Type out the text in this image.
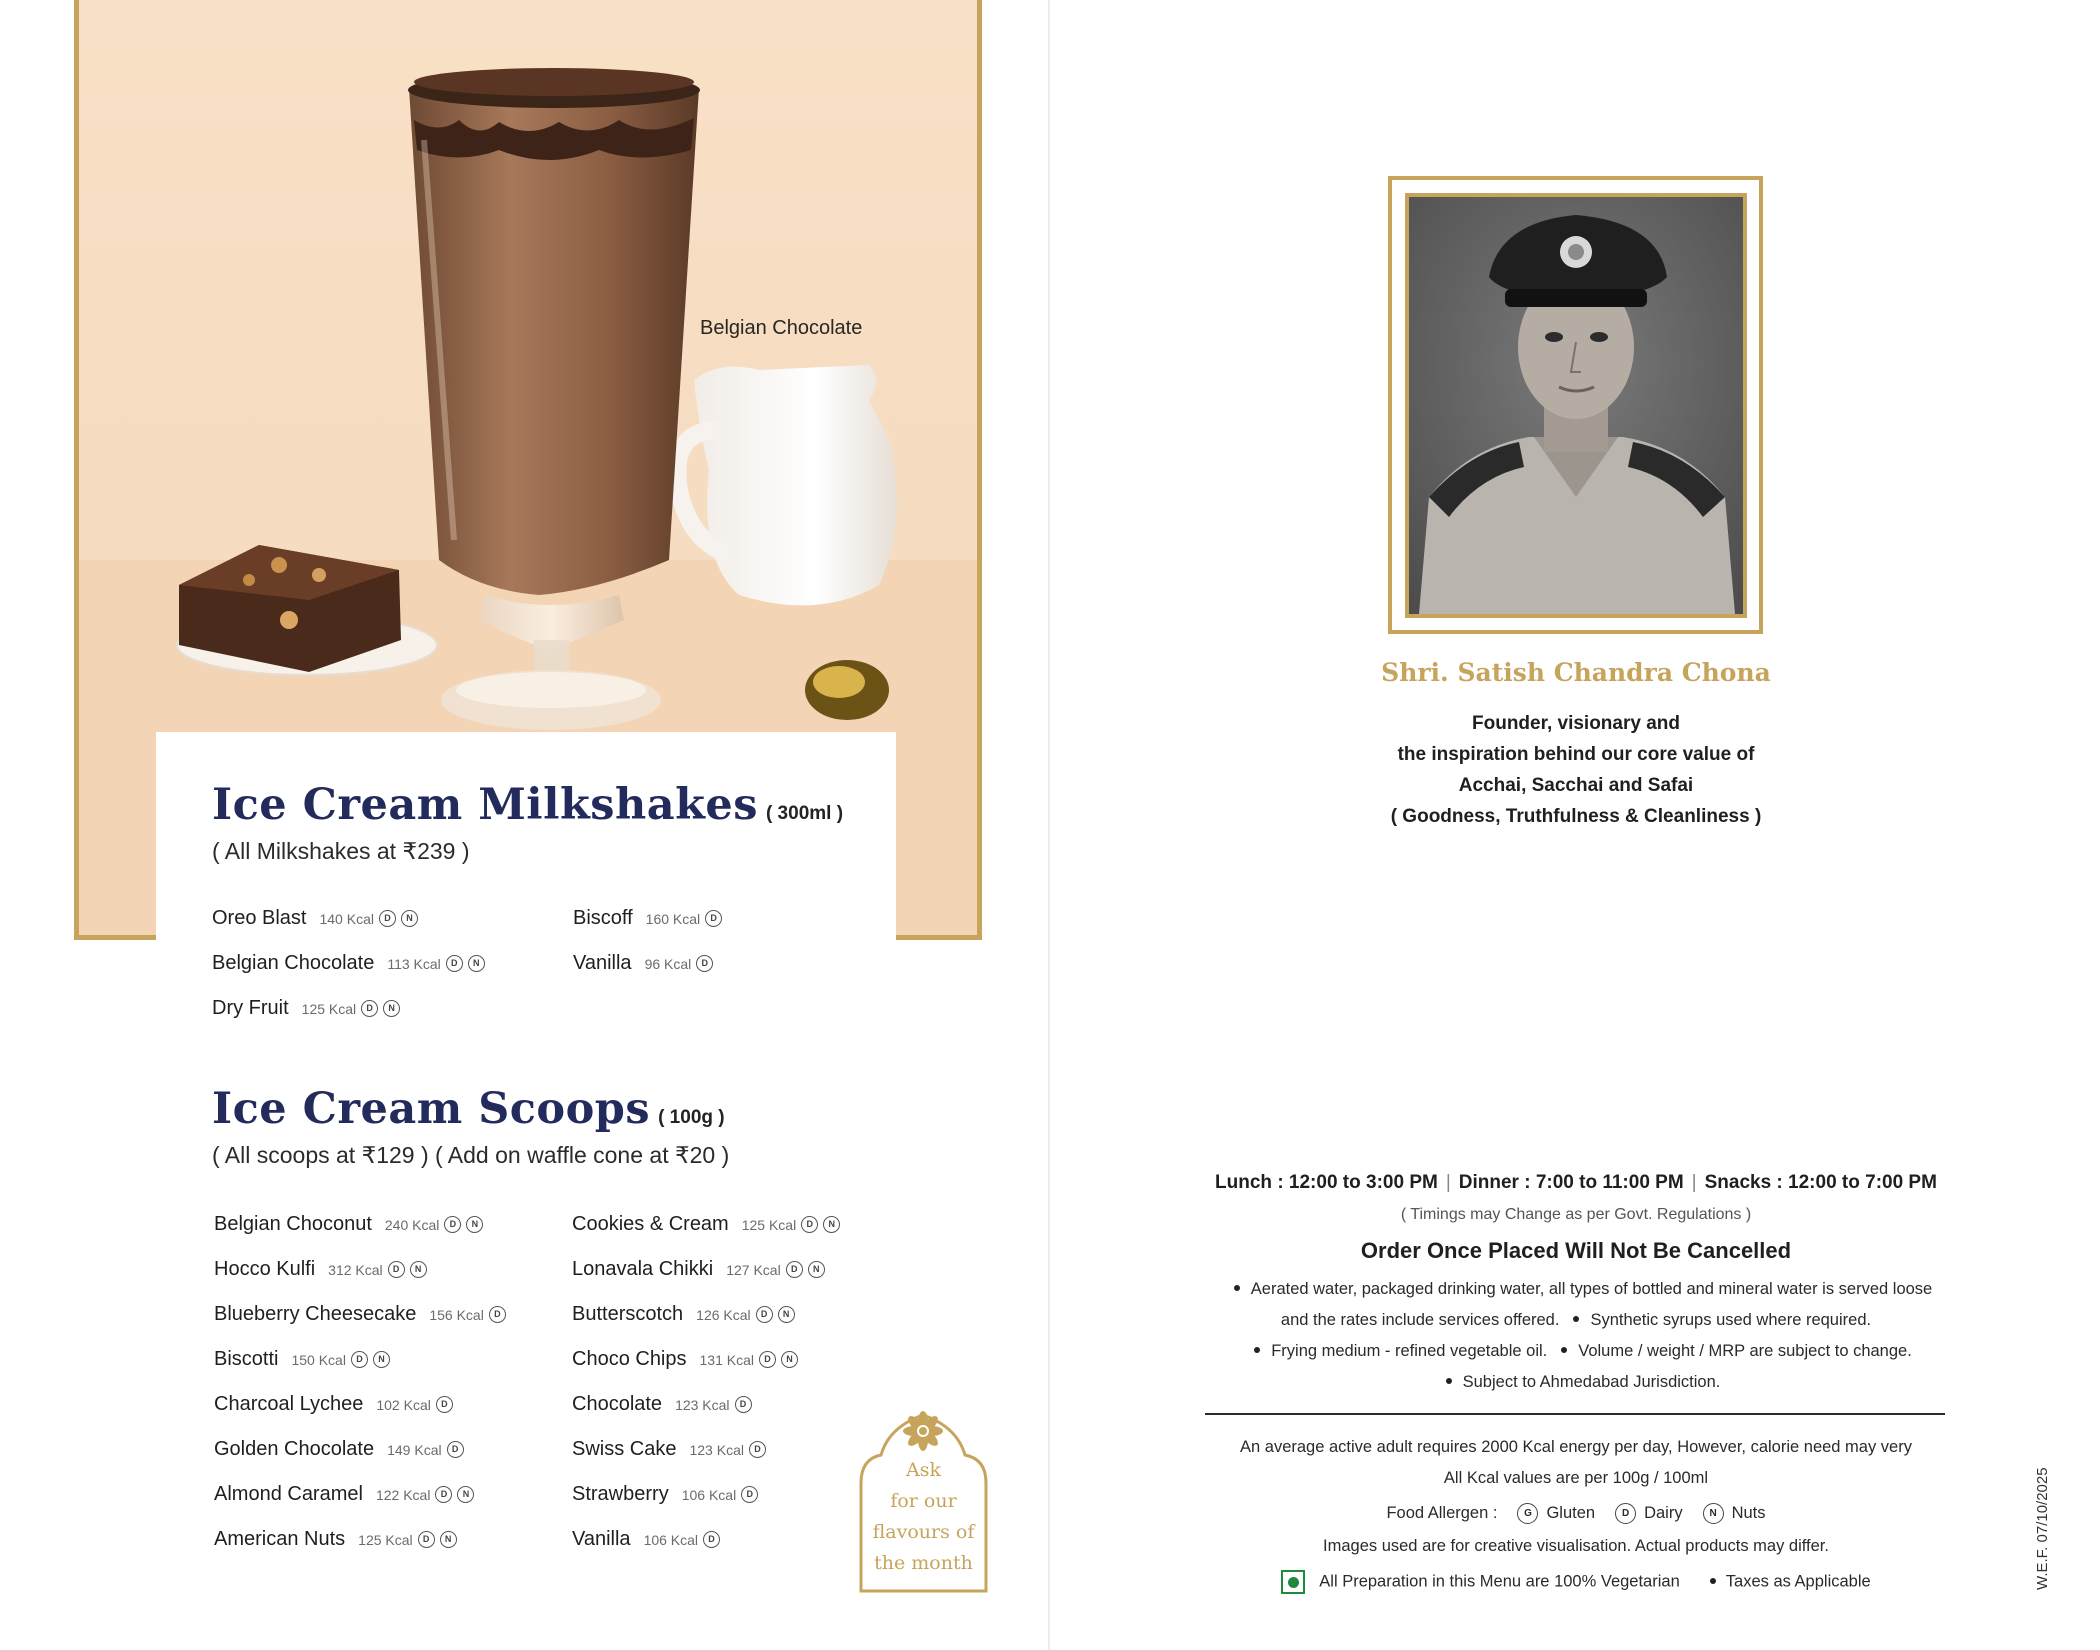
Belgian Chocolate
Ice Cream Milkshakes ( 300ml )
( All Milkshakes at ₹239 )
Oreo Blast 140 Kcal	D	N	Biscoff 160 Kcal	D
Belgian Chocolate 113 Kcal	D	N	Vanilla 96 Kcal	D
Dry Fruit 125 Kcal	D	N
Ice Cream Scoops ( 100g )
( All scoops at ₹129 ) ( Add on waffle cone at ₹20 )
Belgian Choconut 240 Kcal	D	N	Cookies & Cream 125 Kcal	D	N
Hocco Kulfi 312 Kcal	D	N	Lonavala Chikki 127 Kcal	D	N
Blueberry Cheesecake 156 Kcal	D	Butterscotch 126 Kcal	D	N
Biscotti 150 Kcal	D	N	Choco Chips 131 Kcal	D	N
Charcoal Lychee 102 Kcal	D	Chocolate 123 Kcal	D
Golden Chocolate 149 Kcal	D	Swiss Cake 123 Kcal	D
Almond Caramel 122 Kcal	D	N	Strawberry 106 Kcal	D
American Nuts 125 Kcal	D	N	Vanilla 106 Kcal	D
Ask
for our
flavours of
the month
Shri. Satish Chandra Chona
Founder, visionary and
the inspiration behind our core value of
Acchai, Sacchai and Safai
( Goodness, Truthfulness & Cleanliness )
Lunch : 12:00 to 3:00 PM | Dinner : 7:00 to 11:00 PM | Snacks : 12:00 to 7:00 PM
( Timings may Change as per Govt. Regulations )
Order Once Placed Will Not Be Cancelled
Aerated water, packaged drinking water, all types of bottled and mineral water is served loose
and the rates include services offered. Synthetic syrups used where required.
Frying medium - refined vegetable oil. Volume / weight / MRP are subject to change.
Subject to Ahmedabad Jurisdiction.
An average active adult requires 2000 Kcal energy per day, However, calorie need may very
All Kcal values are per 100g / 100ml
Food Allergen :	G Gluten	D Dairy	N Nuts
Images used are for creative visualisation. Actual products may differ.
All Preparation in this Menu are 100% Vegetarian	Taxes as Applicable	W.E.F. 07/10/2025
